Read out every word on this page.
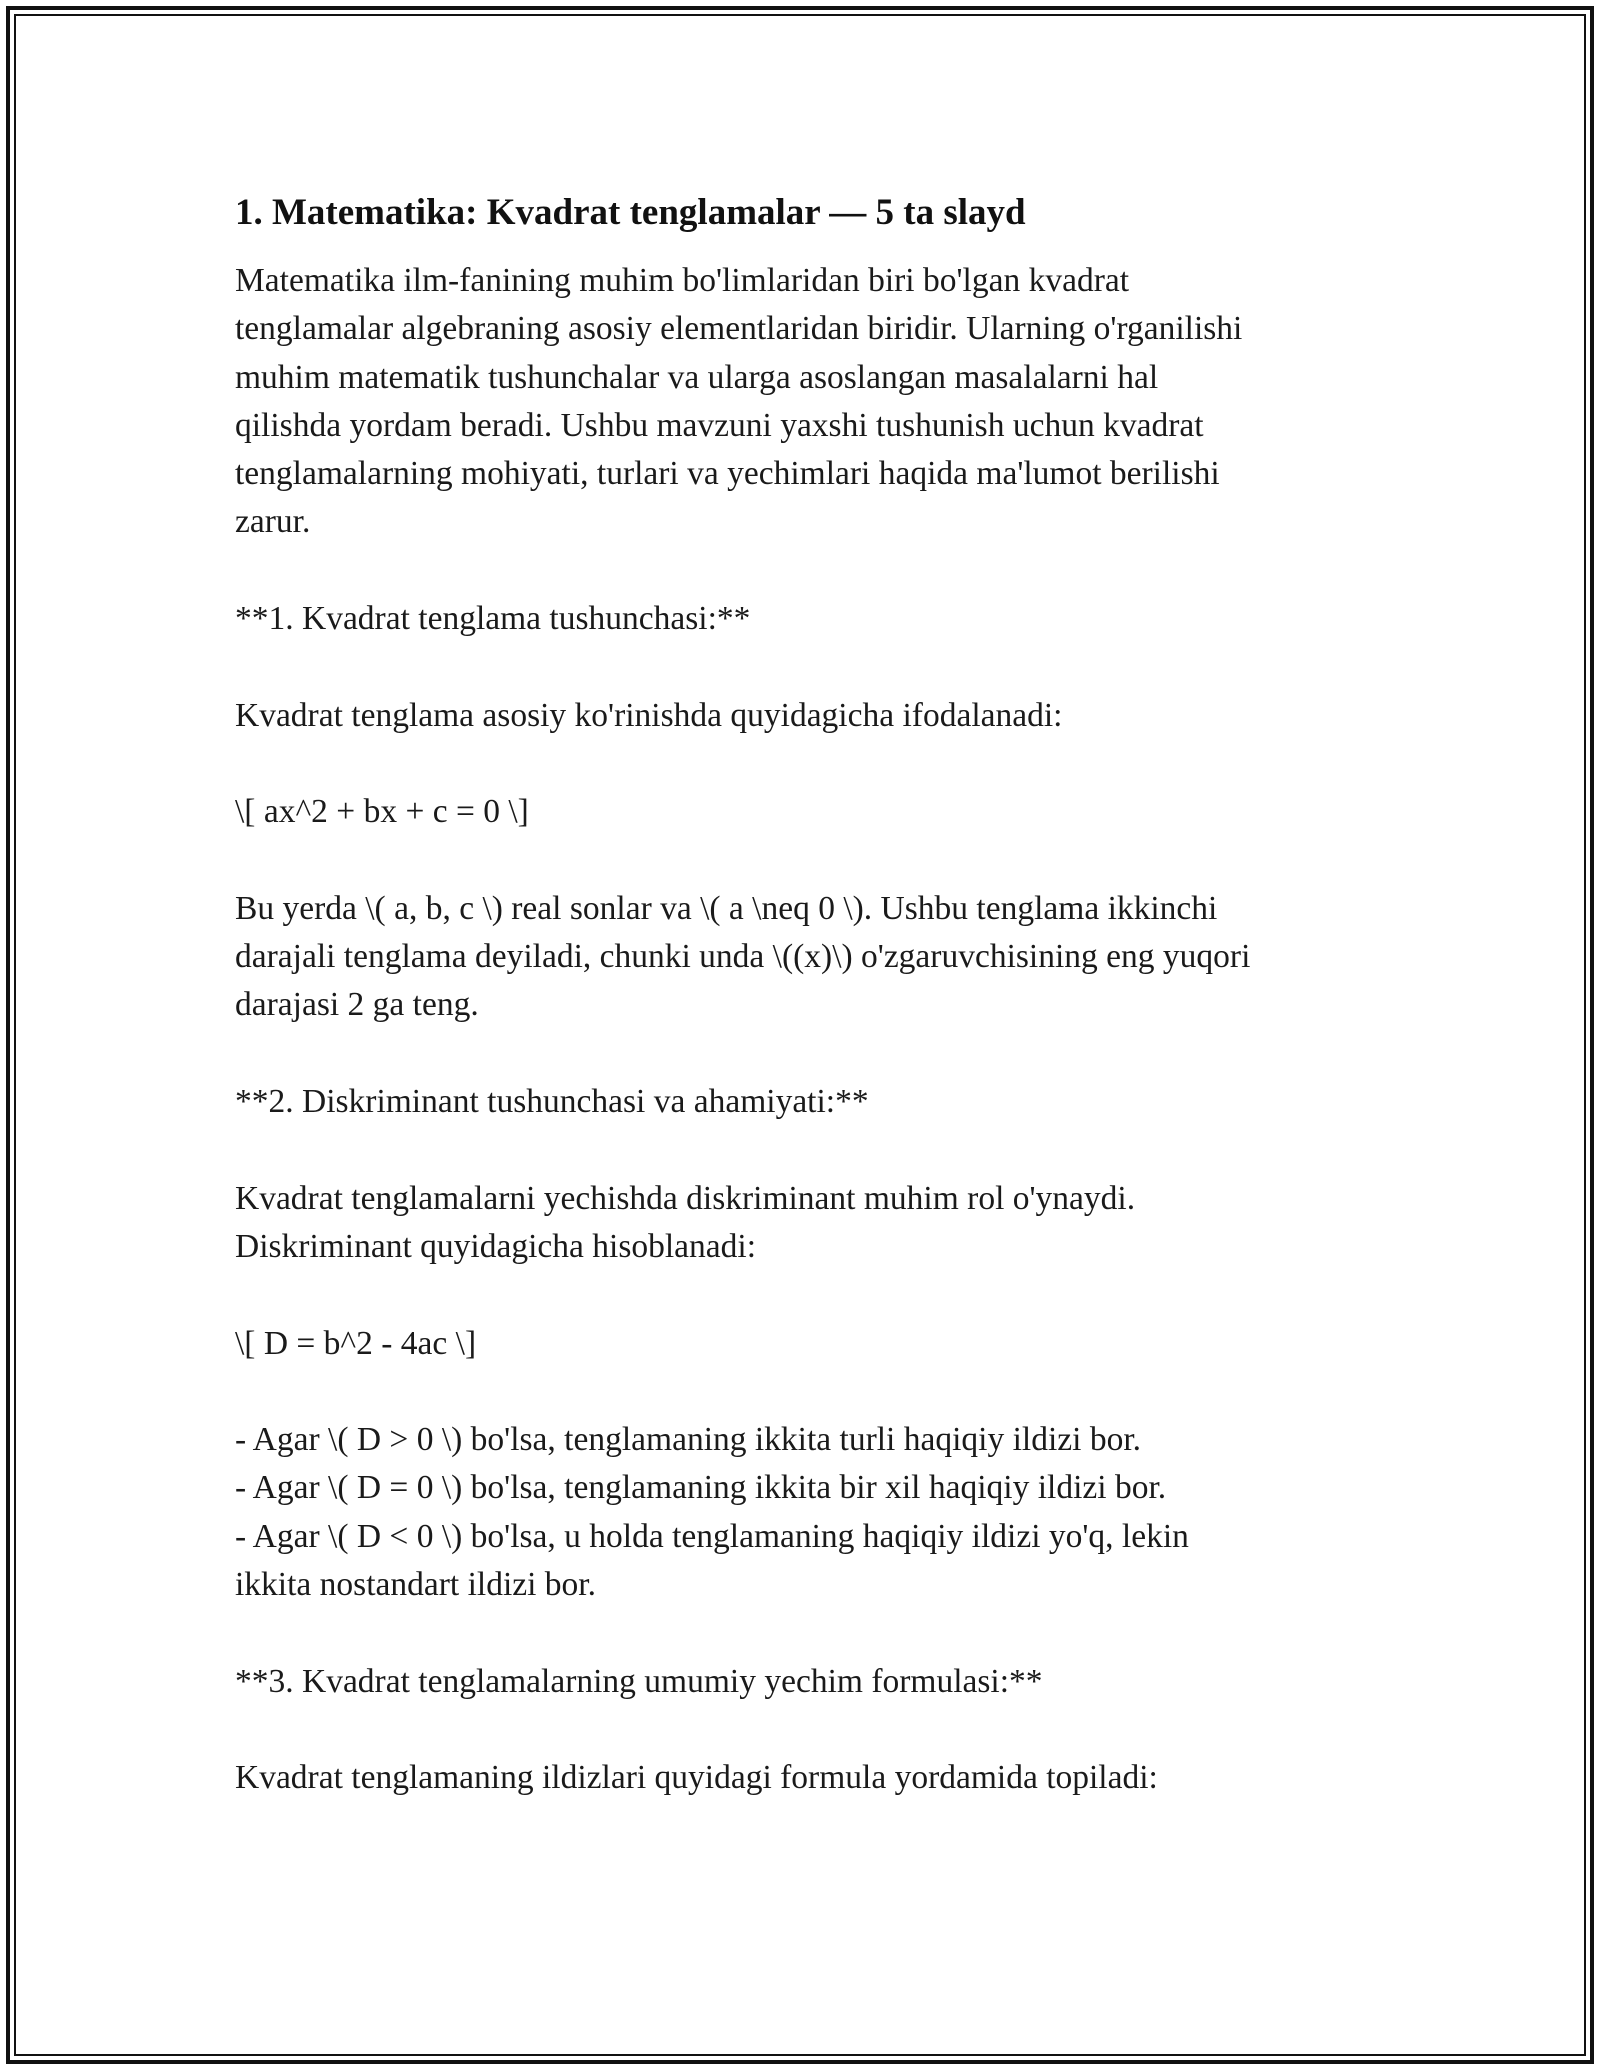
1. Matematika: Kvadrat tenglamalar — 5 ta slayd
Matematika ilm-fanining muhim bo'limlaridan biri bo'lgan kvadrat
tenglamalar algebraning asosiy elementlaridan biridir. Ularning o'rganilishi
muhim matematik tushunchalar va ularga asoslangan masalalarni hal
qilishda yordam beradi. Ushbu mavzuni yaxshi tushunish uchun kvadrat
tenglamalarning mohiyati, turlari va yechimlari haqida ma'lumot berilishi
zarur.
**1. Kvadrat tenglama tushunchasi:**
Kvadrat tenglama asosiy ko'rinishda quyidagicha ifodalanadi:
\[ ax^2 + bx + c = 0 \]
Bu yerda \( a, b, c \) real sonlar va \( a \neq 0 \). Ushbu tenglama ikkinchi
darajali tenglama deyiladi, chunki unda \((x)\) o'zgaruvchisining eng yuqori
darajasi 2 ga teng.
**2. Diskriminant tushunchasi va ahamiyati:**
Kvadrat tenglamalarni yechishda diskriminant muhim rol o'ynaydi.
Diskriminant quyidagicha hisoblanadi:
\[ D = b^2 - 4ac \]
- Agar \( D > 0 \) bo'lsa, tenglamaning ikkita turli haqiqiy ildizi bor.
- Agar \( D = 0 \) bo'lsa, tenglamaning ikkita bir xil haqiqiy ildizi bor.
- Agar \( D < 0 \) bo'lsa, u holda tenglamaning haqiqiy ildizi yo'q, lekin
ikkita nostandart ildizi bor.
**3. Kvadrat tenglamalarning umumiy yechim formulasi:**
Kvadrat tenglamaning ildizlari quyidagi formula yordamida topiladi:
